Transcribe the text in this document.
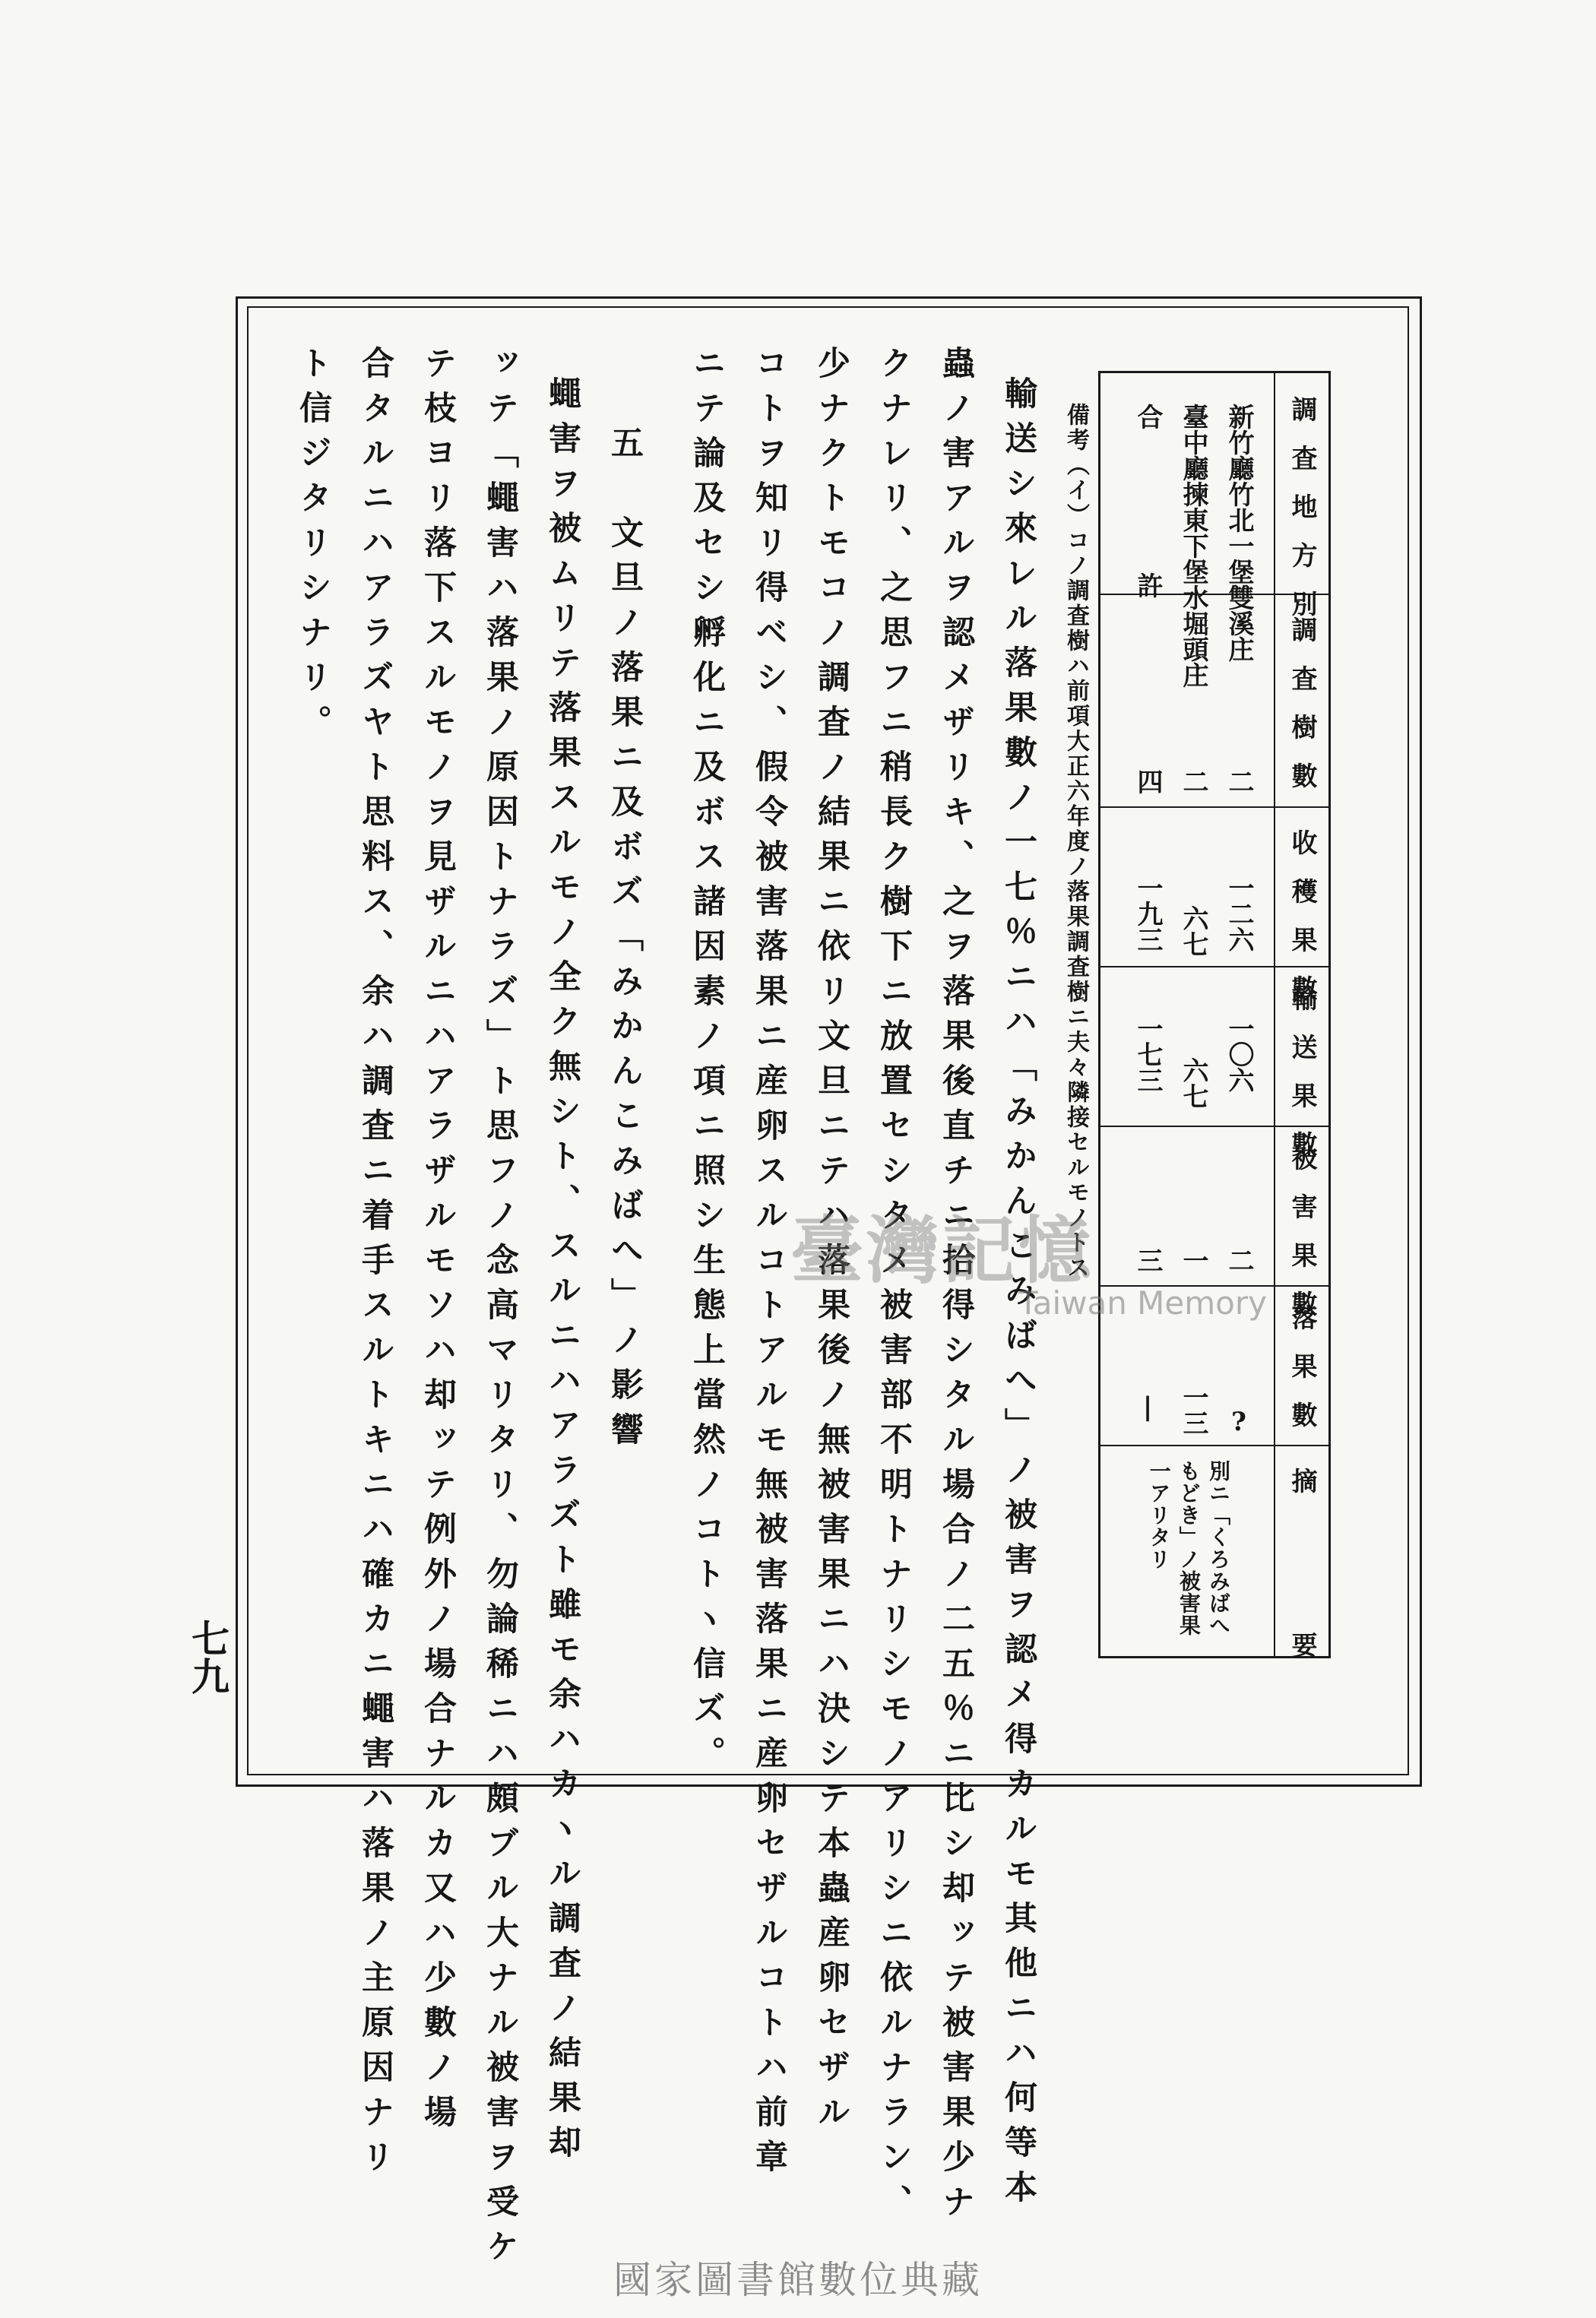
調査地方別
調査樹數
收穫果數
輸送果數
被害果數
落果數
摘　　　要
新竹廳竹北一堡雙溪庄
二
一二六
一〇六
二
?
臺中廳揀東下堡水堀頭庄
二
六七
六七
一
一三
別ニ「くろみばへもどき」ノ被害果一アリタリ
合　　許
四
一九三
一七三
三
|
備考（イ）コノ調査樹ハ前項大正六年度ノ落果調査樹ニ夫々隣接セルモノトス
輸送シ來レル落果數ノ一七％ニハ「みかんこみばへ」ノ被害ヲ認メ得カルモ其他ニハ何等本
蟲ノ害アルヲ認メザリキ、之ヲ落果後直チニ拾得シタル場合ノ二五％ニ比シ却ッテ被害果少ナ
クナレリ、之思フニ稍長ク樹下ニ放置セシタメ被害部不明トナリシモノアリシニ依ルナラン、
少ナクトモコノ調査ノ結果ニ依リ文旦ニテハ落果後ノ無被害果ニハ決シテ本蟲産卵セザル
コトヲ知リ得ベシ、假令被害落果ニ産卵スルコトアルモ無被害落果ニ産卵セザルコトハ前章
ニテ論及セシ孵化ニ及ボス諸因素ノ項ニ照シ生態上當然ノコトヽ信ズ。
五　文旦ノ落果ニ及ボズ「みかんこみばへ」ノ影響
蠅害ヲ被ムリテ落果スルモノ全ク無シト、スルニハアラズト雖モ余ハカヽル調査ノ結果却
ッテ「蠅害ハ落果ノ原因トナラズ」ト思フノ念高マリタリ、勿論稀ニハ頗ブル大ナル被害ヲ受ケ
テ枝ヨリ落下スルモノヲ見ザルニハアラザルモソハ却ッテ例外ノ場合ナルカ又ハ少數ノ場
合タルニハアラズヤト思料ス、余ハ調査ニ着手スルトキニハ確カニ蠅害ハ落果ノ主原因ナリ
ト信ジタリシナリ。
七九
臺灣記憶
Taiwan Memory
國家圖書館數位典藏
